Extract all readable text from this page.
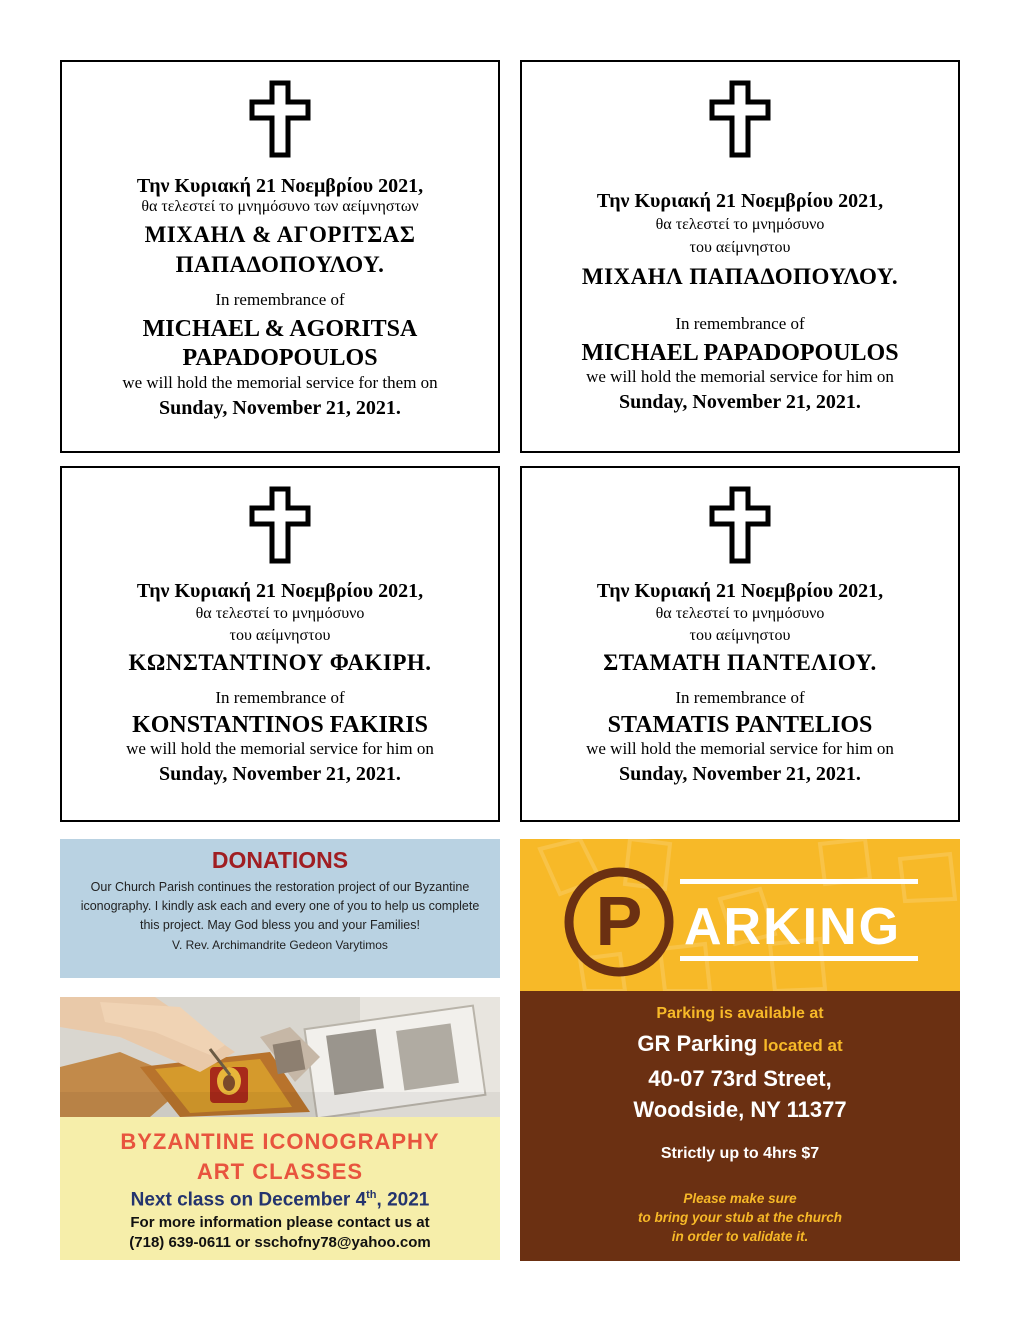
Την Κυριακή 21 Νοεμβρίου 2021,
θα τελεστεί το μνημόσυνο των αείμνηστων
ΜΙΧΑΗΛ & ΑΓΟΡΙΤΣΑΣ
ΠΑΠΑΔΟΠΟΥΛΟΥ.
In remembrance of
MICHAEL & AGORITSA
PAPADOPOULOS
we will hold the memorial service for them on
Sunday, November 21, 2021.
Την Κυριακή 21 Νοεμβρίου 2021,
θα τελεστεί το μνημόσυνο
του αείμνηστου
ΜΙΧΑΗΛ ΠΑΠΑΔΟΠΟΥΛΟΥ.
In remembrance of
MICHAEL PAPADOPOULOS
we will hold the memorial service for him on
Sunday, November 21, 2021.
Την Κυριακή 21 Νοεμβρίου 2021,
θα τελεστεί το μνημόσυνο
του αείμνηστου
ΚΩΝΣΤΑΝΤΙΝΟΥ ΦΑΚΙΡΗ.
In remembrance of
KONSTANTINOS FAKIRIS
we will hold the memorial service for him on
Sunday, November 21, 2021.
Την Κυριακή 21 Νοεμβρίου 2021,
θα τελεστεί το μνημόσυνο
του αείμνηστου
ΣΤΑΜΑΤΗ ΠΑΝΤΕΛΙΟΥ.
In remembrance of
STAMATIS PANTELIOS
we will hold the memorial service for him on
Sunday, November 21, 2021.
DONATIONS
Our Church Parish continues the restoration project of our Byzantine iconography. I kindly ask each and every one of you to help us complete this project. May God bless you and your Families!
V. Rev. Archimandrite Gedeon Varytimos
BYZANTINE ICONOGRAPHY
ART CLASSES
Next class on December 4th, 2021
For more information please contact us at
(718) 639-0611 or sschofny78@yahoo.com
P ARKING
Parking is available at
GR Parking located at
40-07 73rd Street,
Woodside, NY 11377
Strictly up to 4hrs $7
Please make sure
to bring your stub at the church
in order to validate it.
